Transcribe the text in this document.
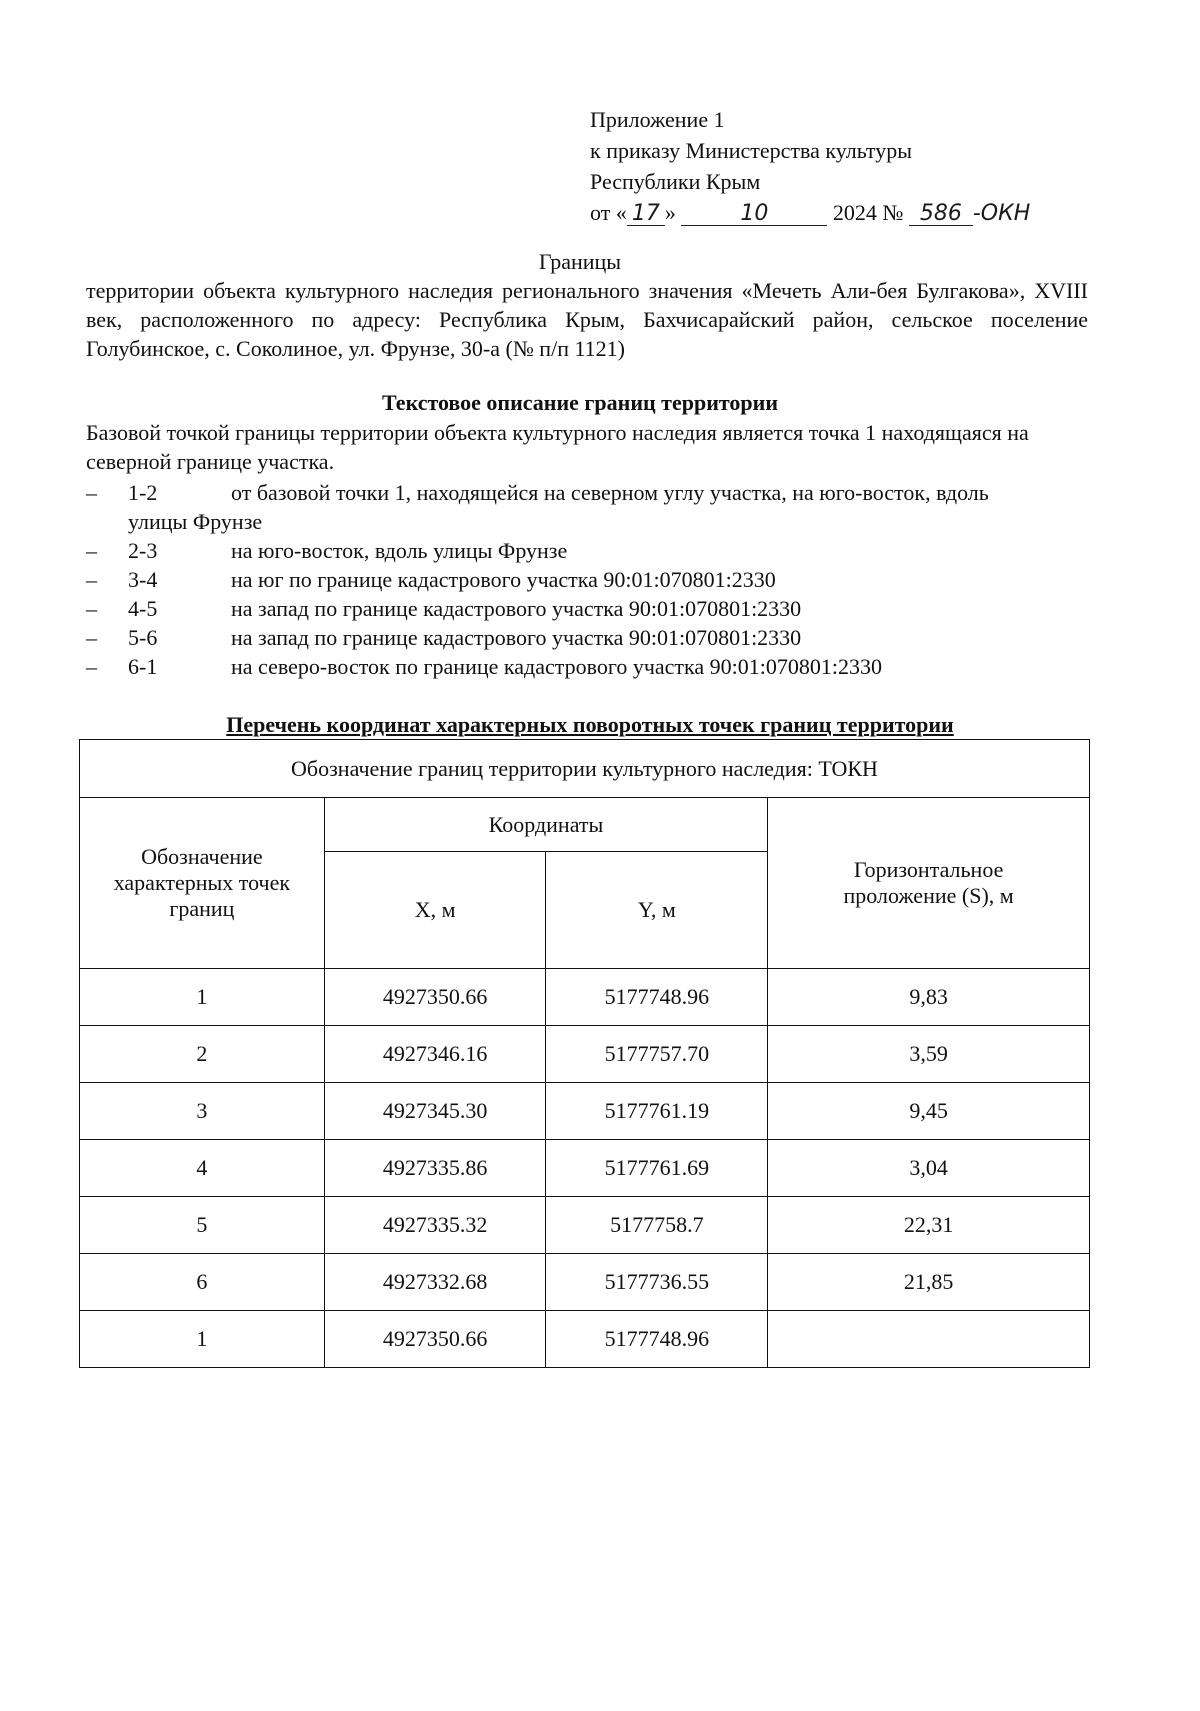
Приложение 1
к приказу Министерства культуры
Республики Крым
от « 17 »	10	2024 № 586 -ОКН
Границы
территории объекта культурного наследия регионального значения «Мечеть Али-бея Булгакова», XVIII век, расположенного по адресу: Республика Крым, Бахчисарайский район, сельское поселение Голубинское, с. Соколиное, ул. Фрунзе, 30-а (№ п/п 1121)
Текстовое описание границ территории
Базовой точкой границы территории объекта культурного наследия является точка 1 находящаяся на северной границе участка.
–	1-2	от базовой точки 1, находящейся на северном углу участка, на юго-восток, вдоль
улицы Фрунзе
–	2-3	на юго-восток, вдоль улицы Фрунзе
–	3-4	на юг по границе кадастрового участка 90:01:070801:2330
–	4-5	на запад по границе кадастрового участка 90:01:070801:2330
–	5-6	на запад по границе кадастрового участка 90:01:070801:2330
–	6-1	на северо-восток по границе кадастрового участка 90:01:070801:2330
Перечень координат характерных поворотных точек границ территории
Обозначение границ территории культурного наследия: ТОКН			
Обозначение характерных точек границ	Координаты		Горизонтальное проложение (S), м
	X, м	Y, м	
1	4927350.66	5177748.96	9,83
2	4927346.16	5177757.70	3,59
3	4927345.30	5177761.19	9,45
4	4927335.86	5177761.69	3,04
5	4927335.32	5177758.7	22,31
6	4927332.68	5177736.55	21,85
1	4927350.66	5177748.96	
